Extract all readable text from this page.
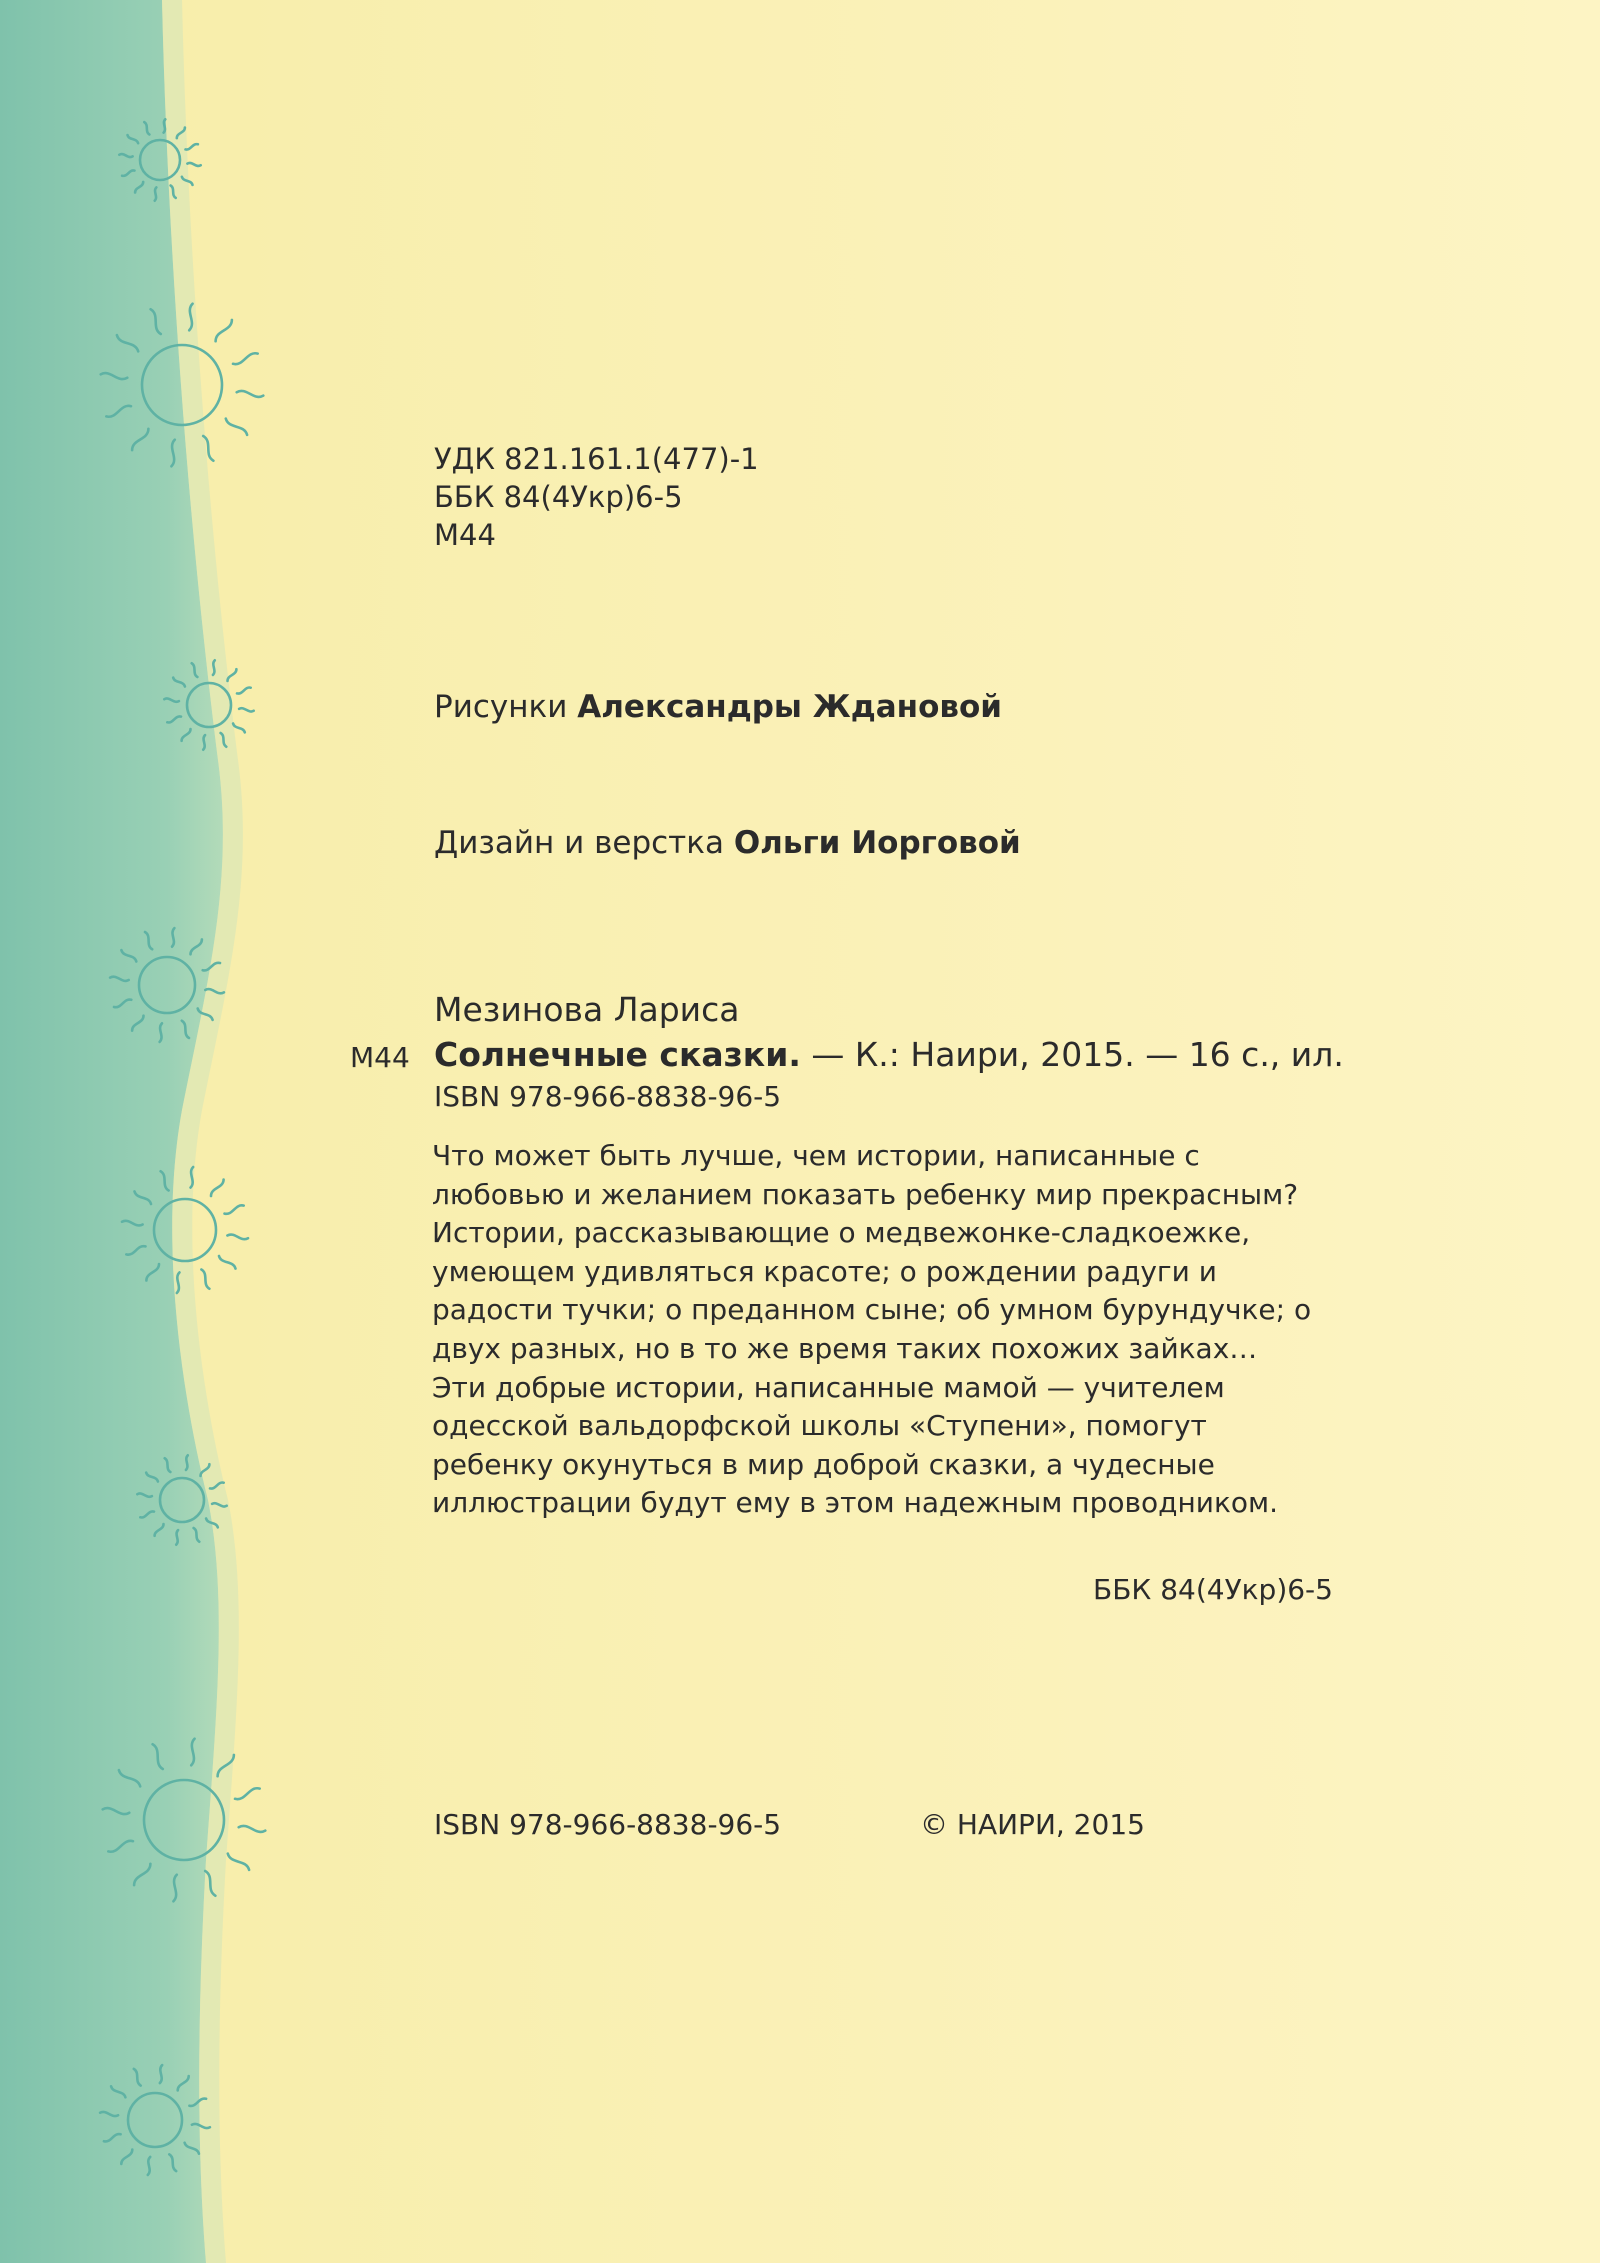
УДК 821.161.1(477)-1
ББК 84(4Укр)6-5
М44
Рисунки Александры Ждановой
Дизайн и верстка Ольги Иорговой
Мезинова Лариса
М44 Солнечные сказки. — К.: Наири, 2015. — 16 с., ил.
ISBN 978-966-8838-96-5

Что может быть лучше, чем истории, написанные с любовью и желанием показать ребенку мир прекрасным? Истории, рассказывающие о медвежонке-сладкоежке, умеющем удивляться красоте; о рождении радуги и радости тучки; о преданном сыне; об умном бурундучке; о двух разных, но в то же время таких похожих зайках…

Эти добрые истории, написанные мамой — учителем одесской вальдорфской школы «Ступени», помогут ребенку окунуться в мир доброй сказки, а чудесные иллюстрации будут ему в этом надежным проводником.

ББК 84(4Укр)6-5
ISBN 978-966-8838-96-5	© НАИРИ, 2015
